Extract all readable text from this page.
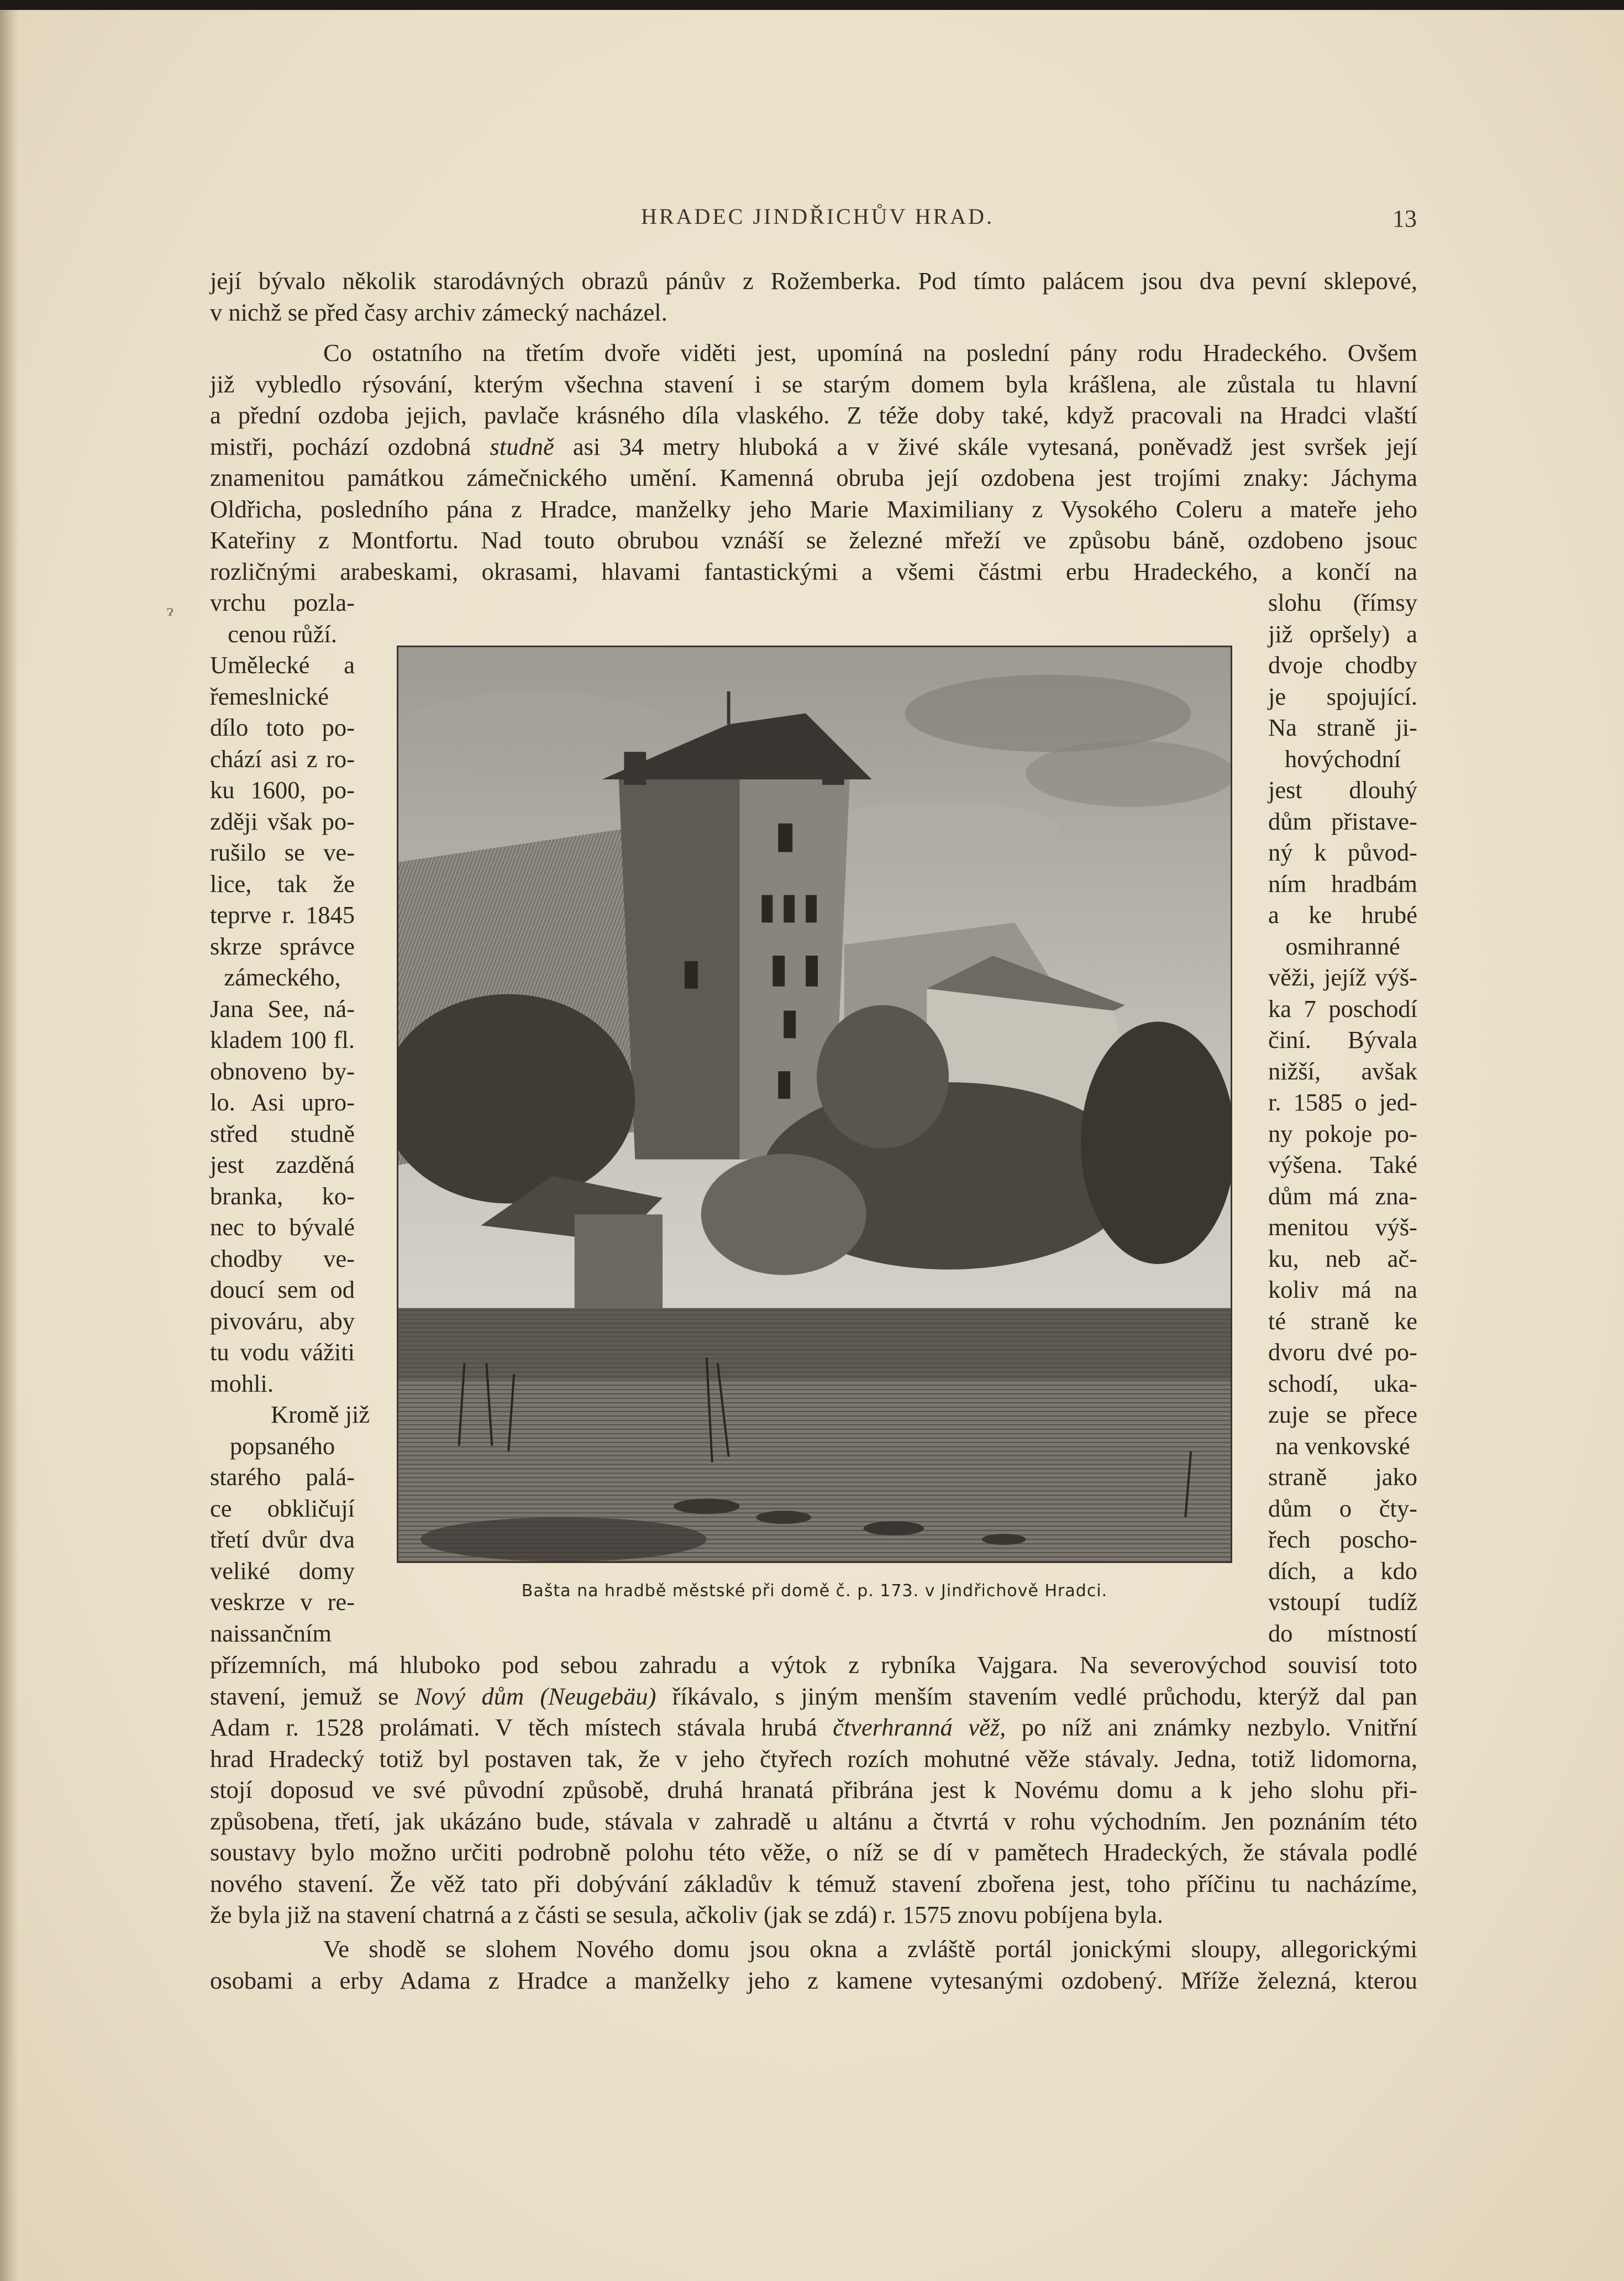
HRADEC JINDŘICHŮV HRAD.	13
její bývalo několik starodávných obrazů pánův z Rožemberka. Pod tímto palácem jsou dva pevní sklepové,
v nichž se před časy archiv zámecký nacházel.
Co ostatního na třetím dvoře viděti jest, upomíná na poslední pány rodu Hradeckého. Ovšem
již vybledlo rýsování, kterým všechna stavení i se starým domem byla krášlena, ale zůstala tu hlavní
a přední ozdoba jejich, pavlače krásného díla vlaského. Z téže doby také, když pracovali na Hradci vlaští
mistři, pochází ozdobná studně asi 34 metry hluboká a v živé skále vytesaná, poněvadž jest svršek její
znamenitou památkou zámečnického umění. Kamenná obruba její ozdobena jest trojími znaky: Jáchyma
Oldřicha, posledního pána z Hradce, manželky jeho Marie Maximiliany z Vysokého Coleru a mateře jeho
Kateřiny z Montfortu. Nad touto obrubou vznáší se železné mřeží ve způsobu báně, ozdobeno jsouc
rozličnými arabeskami, okrasami, hlavami fantastickými a všemi částmi erbu Hradeckého, a končí na
ɂ vrchu pozla-
cenou růží.
Umělecké a
řemeslnické
dílo toto po-
chází asi z ro-
ku 1600, po-
zději však po-
rušilo se ve-
lice, tak že
teprve r. 1845
skrze správce
zámeckého,
Jana See, ná-
kladem 100 fl.
obnoveno by-
lo. Asi upro-
střed studně
jest zazděná
branka, ko-
nec to bývalé
chodby ve-
doucí sem od
pivováru, aby
tu vodu vážiti
mohli.
Kromě již
popsaného
starého palá-
ce obkličují
třetí dvůr dva
veliké domy
veskrze v re-
naissančním
Bašta na hradbě městské při domě č. p. 173. v Jindřichově Hradci.
slohu (římsy
již opršely) a
dvoje chodby
je spojující.
Na straně ji-
hovýchodní
jest dlouhý
dům přistave-
ný k původ-
ním hradbám
a ke hrubé
osmihranné
věži, jejíž výš-
ka 7 poschodí
činí. Bývala
nižší, avšak
r. 1585 o jed-
ny pokoje po-
výšena. Také
dům má zna-
menitou výš-
ku, neb ač-
koliv má na
té straně ke
dvoru dvé po-
schodí, uka-
zuje se přece
na venkovské
straně jako
dům o čty-
řech poscho-
dích, a kdo
vstoupí tudíž
do místností
přízemních, má hluboko pod sebou zahradu a výtok z rybníka Vajgara. Na severovýchod souvisí toto
stavení, jemuž se Nový dům (Neugebäu) říkávalo, s jiným menším stavením vedlé průchodu, kterýž dal pan
Adam r. 1528 prolámati. V těch místech stávala hrubá čtverhranná věž, po níž ani známky nezbylo. Vnitřní
hrad Hradecký totiž byl postaven tak, že v jeho čtyřech rozích mohutné věže stávaly. Jedna, totiž lidomorna,
stojí doposud ve své původní způsobě, druhá hranatá přibrána jest k Novému domu a k jeho slohu při-
způsobena, třetí, jak ukázáno bude, stávala v zahradě u altánu a čtvrtá v rohu východním. Jen poznáním této
soustavy bylo možno určiti podrobně polohu této věže, o níž se dí v pamětech Hradeckých, že stávala podlé
nového stavení. Že věž tato při dobývání základův k témuž stavení zbořena jest, toho příčinu tu nacházíme,
že byla již na stavení chatrná a z části se sesula, ačkoliv (jak se zdá) r. 1575 znovu pobíjena byla.
Ve shodě se slohem Nového domu jsou okna a zvláště portál jonickými sloupy, allegorickými
osobami a erby Adama z Hradce a manželky jeho z kamene vytesanými ozdobený. Mříže železná, kterou
